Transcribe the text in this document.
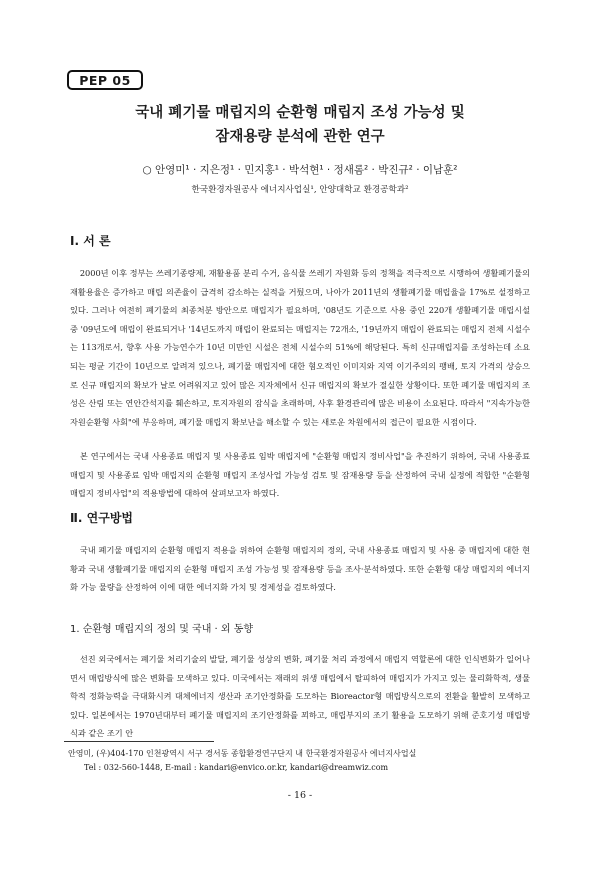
PEP 05
국내 폐기물 매립지의 순환형 매립지 조성 가능성 및
잠재용량 분석에 관한 연구
○ 안영미¹ · 지은정¹ · 민지홍¹ · 박석현¹ · 정새롬² · 박진규² · 이남훈²
한국환경자원공사 에너지사업실¹, 안양대학교 환경공학과²
Ⅰ. 서 론

2000년 이후 정부는 쓰레기종량제, 재활용품 분리 수거, 음식물 쓰레기 자원화 등의 정책을 적극적으로 시행하여 생활폐기물의 재활용율은 증가하고 매립 의존율이 급격히 감소하는 실적을 거뒀으며, 나아가 2011년의 생활폐기물 매립율을 17%로 설정하고 있다. 그러나 여전히 폐기물의 최종처분 방안으로 매립지가 필요하며, '08년도 기준으로 사용 중인 220개 생활폐기물 매립시설 중 '09년도에 매립이 완료되거나 '14년도까지 매립이 완료되는 매립지는 72개소, '19년까지 매립이 완료되는 매립지 전체 시설수는 113개로서, 향후 사용 가능연수가 10년 미만인 시설은 전체 시설수의 51%에 해당된다. 특히 신규매립지를 조성하는데 소요되는 평균 기간이 10년으로 알려져 있으나, 폐기물 매립지에 대한 혐오적인 이미지와 지역 이기주의의 팽배, 토지 가격의 상승으로 신규 매립지의 확보가 날로 어려워지고 있어 많은 지자체에서 신규 매립지의 확보가 절실한 상황이다. 또한 폐기물 매립지의 조성은 산림 또는 연안간석지를 훼손하고, 토지자원의 잠식을 초래하며, 사후 환경관리에 많은 비용이 소요된다. 따라서 "지속가능한 자원순환형 사회"에 부응하며, 폐기물 매립지 확보난을 해소할 수 있는 새로운 차원에서의 접근이 필요한 시점이다.

본 연구에서는 국내 사용종료 매립지 및 사용종료 임박 매립지에 "순환형 매립지 정비사업"을 추진하기 위하여, 국내 사용종료 매립지 및 사용종료 임박 매립지의 순환형 매립지 조성사업 가능성 검토 및 잠재용량 등을 산정하여 국내 실정에 적합한 "순환형 매립지 정비사업"의 적용방법에 대하여 살펴보고자 하였다.

Ⅱ. 연구방법

국내 폐기물 매립지의 순환형 매립지 적용을 위하여 순환형 매립지의 정의, 국내 사용종료 매립지 및 사용 중 매립지에 대한 현황과 국내 생활폐기물 매립지의 순환형 매립지 조성 가능성 및 잠재용량 등을 조사·분석하였다. 또한 순환형 대상 매립지의 에너지화 가능 물량을 산정하여 이에 대한 에너지화 가치 및 경제성을 검토하였다.

1. 순환형 매립지의 정의 및 국내 · 외 동향

선진 외국에서는 폐기물 처리기술의 발달, 폐기물 성상의 변화, 폐기물 처리 과정에서 매립지 역할론에 대한 인식변화가 일어나면서 매립방식에 많은 변화를 모색하고 있다. 미국에서는 재래의 위생 매립에서 탈피하여 매립지가 가지고 있는 물리화학적, 생물학적 정화능력을 극대화시켜 대체에너지 생산과 조기안정화를 도모하는 Bioreactor형 매립방식으로의 전환을 활발히 모색하고 있다. 일본에서는 1970년대부터 폐기물 매립지의 조기안정화를 꾀하고, 매립부지의 조기 활용을 도모하기 위해 준호기성 매립방식과 같은 조기 안

안영미, (우)404-170 인천광역시 서구 경서동 종합환경연구단지 내 한국환경자원공사 에너지사업실
Tel : 032-560-1448, E-mail : kandari@envico.or.kr, kandari@dreamwiz.com
- 16 -
